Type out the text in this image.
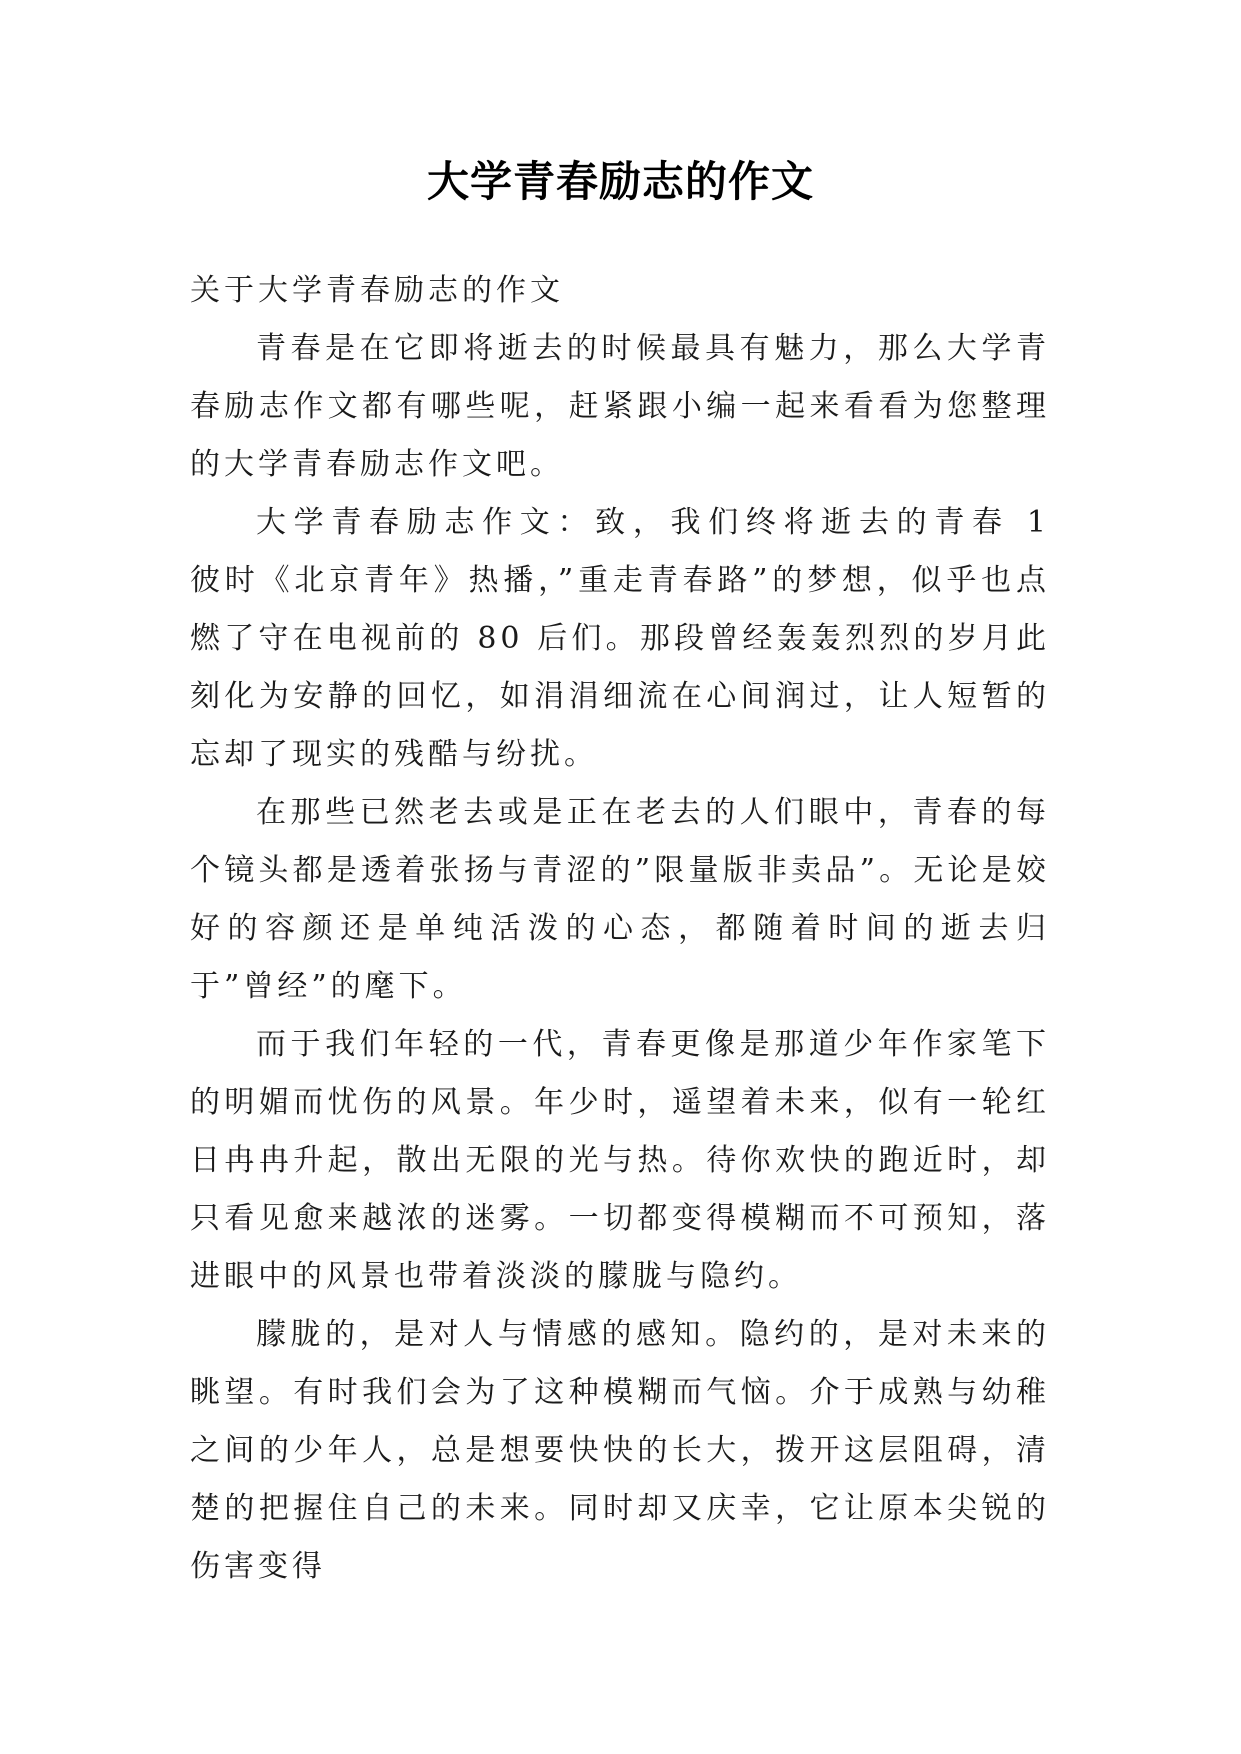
大学青春励志的作文

关于大学青春励志的作文

青春是在它即将逝去的时候最具有魅力，那么大学青春励志作文都有哪些呢，赶紧跟小编一起来看看为您整理的大学青春励志作文吧。

大学青春励志作文：致，我们终将逝去的青春 1　　彼时《北京青年》热播，”重走青春路”的梦想，似乎也点燃了守在电视前的 80 后们。那段曾经轰轰烈烈的岁月此刻化为安静的回忆，如涓涓细流在心间润过，让人短暂的忘却了现实的残酷与纷扰。

在那些已然老去或是正在老去的人们眼中，青春的每个镜头都是透着张扬与青涩的”限量版非卖品”。无论是姣好的容颜还是单纯活泼的心态，都随着时间的逝去归于”曾经”的麾下。

而于我们年轻的一代，青春更像是那道少年作家笔下的明媚而忧伤的风景。年少时，遥望着未来，似有一轮红日冉冉升起，散出无限的光与热。待你欢快的跑近时，却只看见愈来越浓的迷雾。一切都变得模糊而不可预知，落进眼中的风景也带着淡淡的朦胧与隐约。

朦胧的，是对人与情感的感知。隐约的，是对未来的眺望。有时我们会为了这种模糊而气恼。介于成熟与幼稚之间的少年人，总是想要快快的长大，拨开这层阻碍，清楚的把握住自己的未来。同时却又庆幸，它让原本尖锐的伤害变得
